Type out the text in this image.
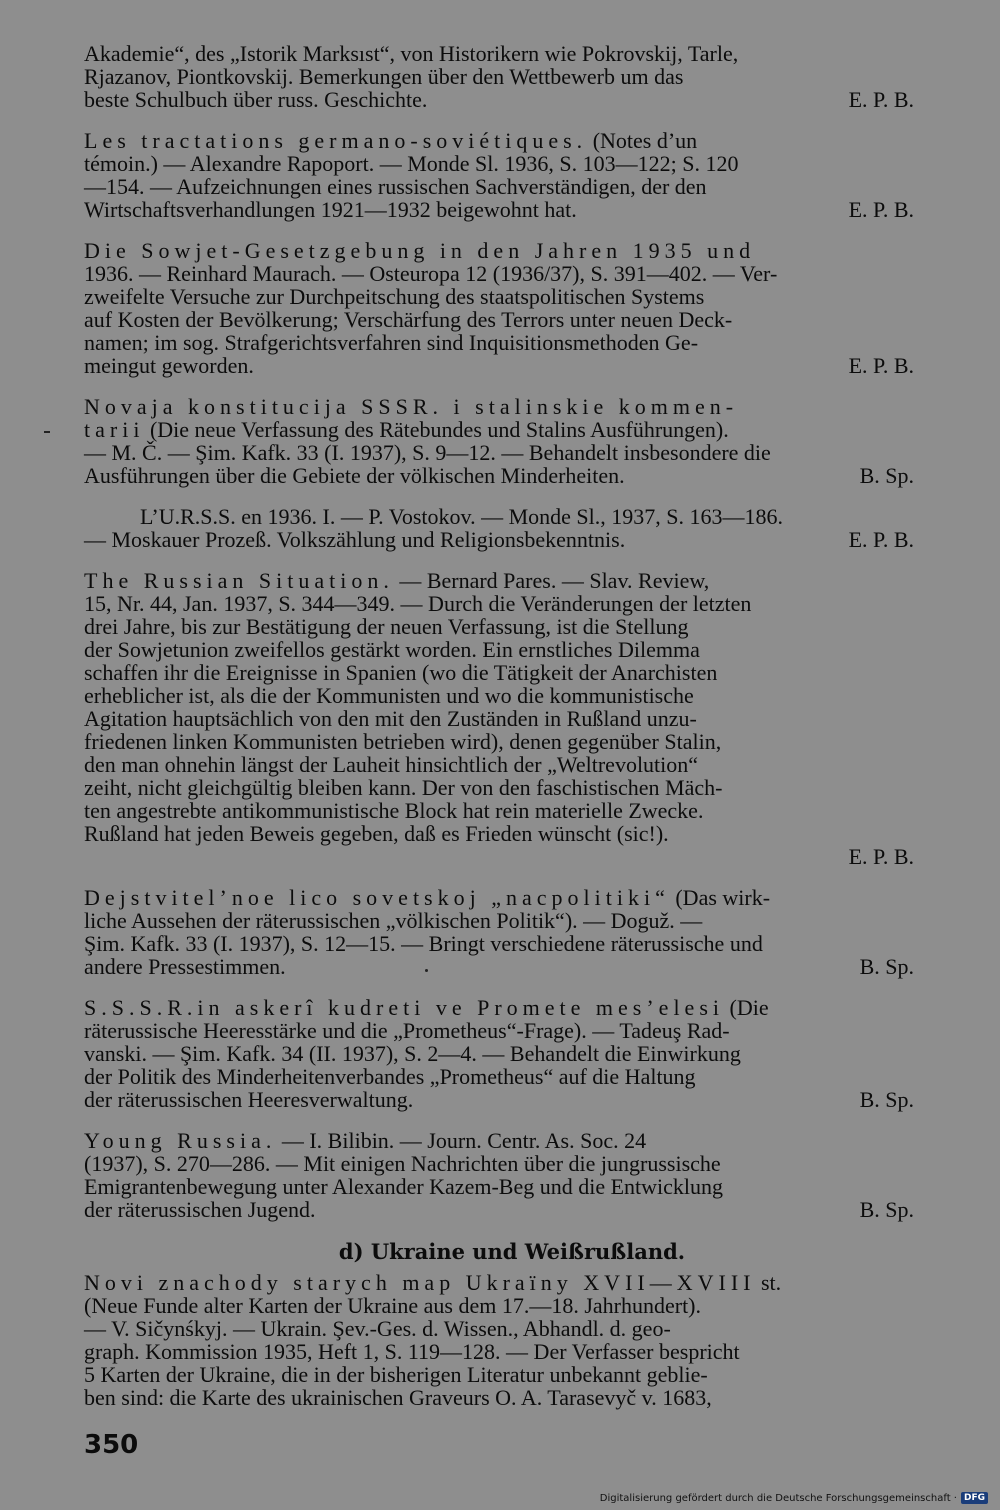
Akademie“, des „Istorik Marksıst“, von Historikern wie Pokrovskij, Tarle,
Rjazanov, Piontkovskij. Bemerkungen über den Wettbewerb um das
beste Schulbuch über russ. Geschichte.	E. P. B.
Les tractations germano-soviétiques. (Notes d’un
témoin.) — Alexandre Rapoport. — Monde Sl. 1936, S. 103—122; S. 120
—154. — Aufzeichnungen eines russischen Sachverständigen, der den
Wirtschaftsverhandlungen 1921—1932 beigewohnt hat.	E. P. B.
Die Sowjet-Gesetzgebung in den Jahren 1935 und
1936. — Reinhard Maurach. — Osteuropa 12 (1936/37), S. 391—402. — Ver-
zweifelte Versuche zur Durchpeitschung des staatspolitischen Systems
auf Kosten der Bevölkerung; Verschärfung des Terrors unter neuen Deck-
namen; im sog. Strafgerichtsverfahren sind Inquisitionsmethoden Ge-
meingut geworden.	E. P. B.
Novaja konstitucija SSSR. i stalinskie kommen-
tarii (Die neue Verfassung des Rätebundes und Stalins Ausführungen).
— M. Č. — Şim. Kafk. 33 (I. 1937), S. 9—12. — Behandelt insbesondere die
Ausführungen über die Gebiete der völkischen Minderheiten.	B. Sp.
L’U.R.S.S. en 1936. I. — P. Vostokov. — Monde Sl., 1937, S. 163—186.
— Moskauer Prozeß. Volkszählung und Religionsbekenntnis.	E. P. B.
The Russian Situation. — Bernard Pares. — Slav. Review,
15, Nr. 44, Jan. 1937, S. 344—349. — Durch die Veränderungen der letzten
drei Jahre, bis zur Bestätigung der neuen Verfassung, ist die Stellung
der Sowjetunion zweifellos gestärkt worden. Ein ernstliches Dilemma
schaffen ihr die Ereignisse in Spanien (wo die Tätigkeit der Anarchisten
erheblicher ist, als die der Kommunisten und wo die kommunistische
Agitation hauptsächlich von den mit den Zuständen in Rußland unzu-
friedenen linken Kommunisten betrieben wird), denen gegenüber Stalin,
den man ohnehin längst der Lauheit hinsichtlich der „Weltrevolution“
zeiht, nicht gleichgültig bleiben kann. Der von den faschistischen Mäch-
ten angestrebte antikommunistische Block hat rein materielle Zwecke.
Rußland hat jeden Beweis gegeben, daß es Frieden wünscht (sic!).
E. P. B.
Dejstvitel’noe lico sovetskoj „nacpolitiki“ (Das wirk-
liche Aussehen der räterussischen „völkischen Politik“). — Doguž. —
Şim. Kafk. 33 (I. 1937), S. 12—15. — Bringt verschiedene räterussische und
andere Pressestimmen.	B. Sp.
S.S.S.R.in askerî kudreti ve Promete mes’elesi (Die
räterussische Heeresstärke und die „Prometheus“-Frage). — Tadeuş Rad-
vanski. — Şim. Kafk. 34 (II. 1937), S. 2—4. — Behandelt die Einwirkung
der Politik des Minderheitenverbandes „Prometheus“ auf die Haltung
der räterussischen Heeresverwaltung.	B. Sp.
Young Russia. — I. Bilibin. — Journ. Centr. As. Soc. 24
(1937), S. 270—286. — Mit einigen Nachrichten über die jungrussische
Emigrantenbewegung unter Alexander Kazem-Beg und die Entwicklung
der räterussischen Jugend.	B. Sp.
d) Ukraine und Weißrußland.
Novi znachody starych map Ukraïny XVII—XVIII st.
(Neue Funde alter Karten der Ukraine aus dem 17.—18. Jahrhundert).
— V. Sičynśkyj. — Ukrain. Şev.-Ges. d. Wissen., Abhandl. d. geo-
graph. Kommission 1935, Heft 1, S. 119—128. — Der Verfasser bespricht
5 Karten der Ukraine, die in der bisherigen Literatur unbekannt geblie-
ben sind: die Karte des ukrainischen Graveurs O. A. Tarasevyč v. 1683,
350
Digitalisierung gefördert durch die Deutsche Forschungsgemeinschaft · DFG
